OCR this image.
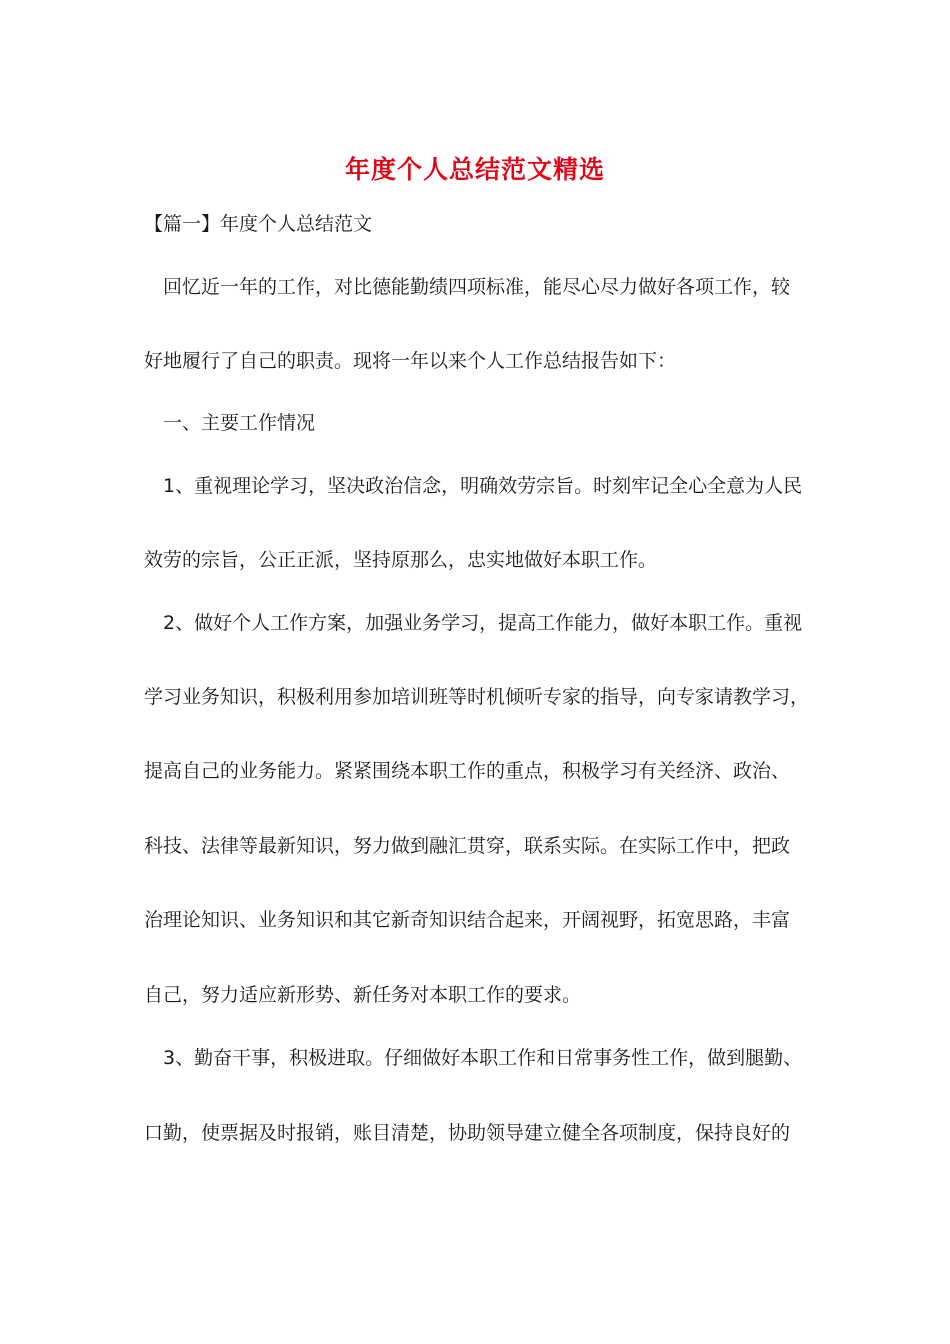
年度个人总结范文精选
【篇一】年度个人总结范文
回忆近一年的工作，对比德能勤绩四项标准，能尽心尽力做好各项工作，较
好地履行了自己的职责。现将一年以来个人工作总结报告如下：
一、主要工作情况
1、重视理论学习，坚决政治信念，明确效劳宗旨。时刻牢记全心全意为人民
效劳的宗旨，公正正派，坚持原那么，忠实地做好本职工作。
2、做好个人工作方案，加强业务学习，提高工作能力，做好本职工作。重视
学习业务知识，积极利用参加培训班等时机倾听专家的指导，向专家请教学习，
提高自己的业务能力。紧紧围绕本职工作的重点，积极学习有关经济、政治、
科技、法律等最新知识，努力做到融汇贯穿，联系实际。在实际工作中，把政
治理论知识、业务知识和其它新奇知识结合起来，开阔视野，拓宽思路，丰富
自己，努力适应新形势、新任务对本职工作的要求。
3、勤奋干事，积极进取。仔细做好本职工作和日常事务性工作，做到腿勤、
口勤，使票据及时报销，账目清楚，协助领导建立健全各项制度，保持良好的
